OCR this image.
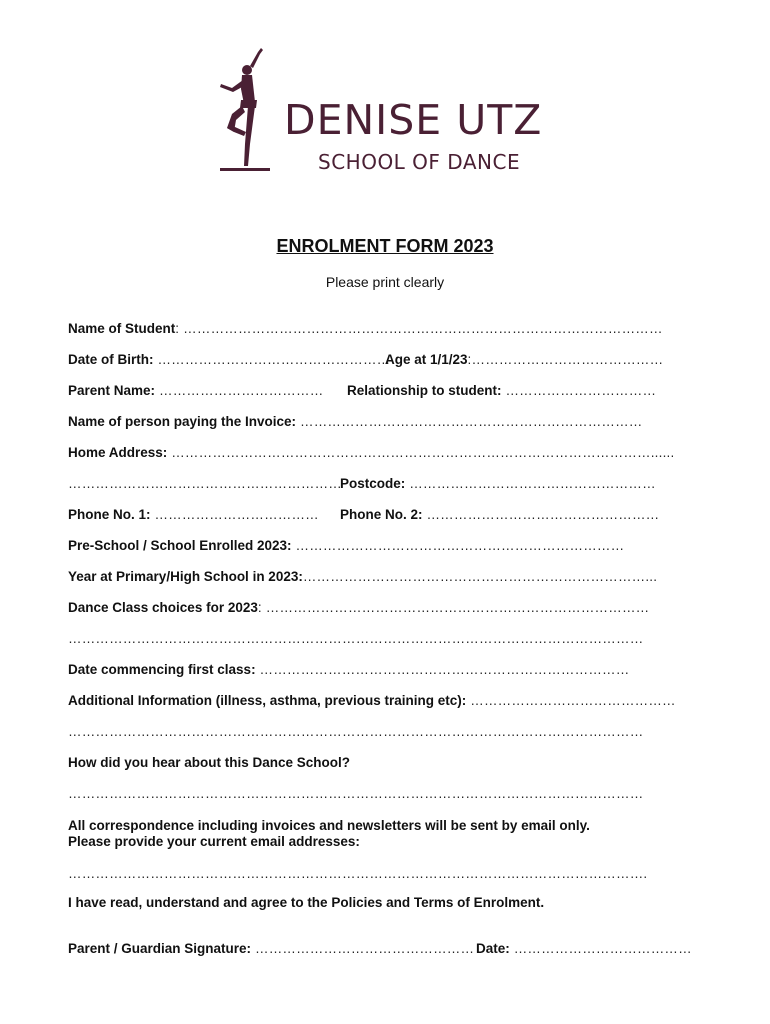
DENISE UTZ
SCHOOL OF DANCE
ENROLMENT FORM 2023
Please print clearly
Name of Student: ……………………………………………………………………………………………
Date of Birth: ……………………………………………
Age at 1/1/23:……………………………………
Parent Name: ……………………………… Relationship to student: ……………………………
Name of person paying the Invoice: …………………………………………………………………
Home Address: ……………………………………………………………………………………………......
……………………………………………………
Postcode: ………………………………………………
Phone No. 1: ……………………………… Phone No. 2: ……………………………………………
Pre-School / School Enrolled 2023: ………………………………………………………………
Year at Primary/High School in 2023:…………………………………………………………………...
Dance Class choices for 2023: …………………………………………………………………………
………………………………………………………………………………………………………………
Date commencing first class: ………………………………………………………………………
Additional Information (illness, asthma, previous training etc): ………………………………………
………………………………………………………………………………………………………………
How did you hear about this Dance School?
………………………………………………………………………………………………………………
All correspondence including invoices and newsletters will be sent by email only.
Please provide your current email addresses:
……………………………………………………………………………………………………………….
I have read, understand and agree to the Policies and Terms of Enrolment.
Parent / Guardian Signature: ………………………………………… Date: …………………………………
